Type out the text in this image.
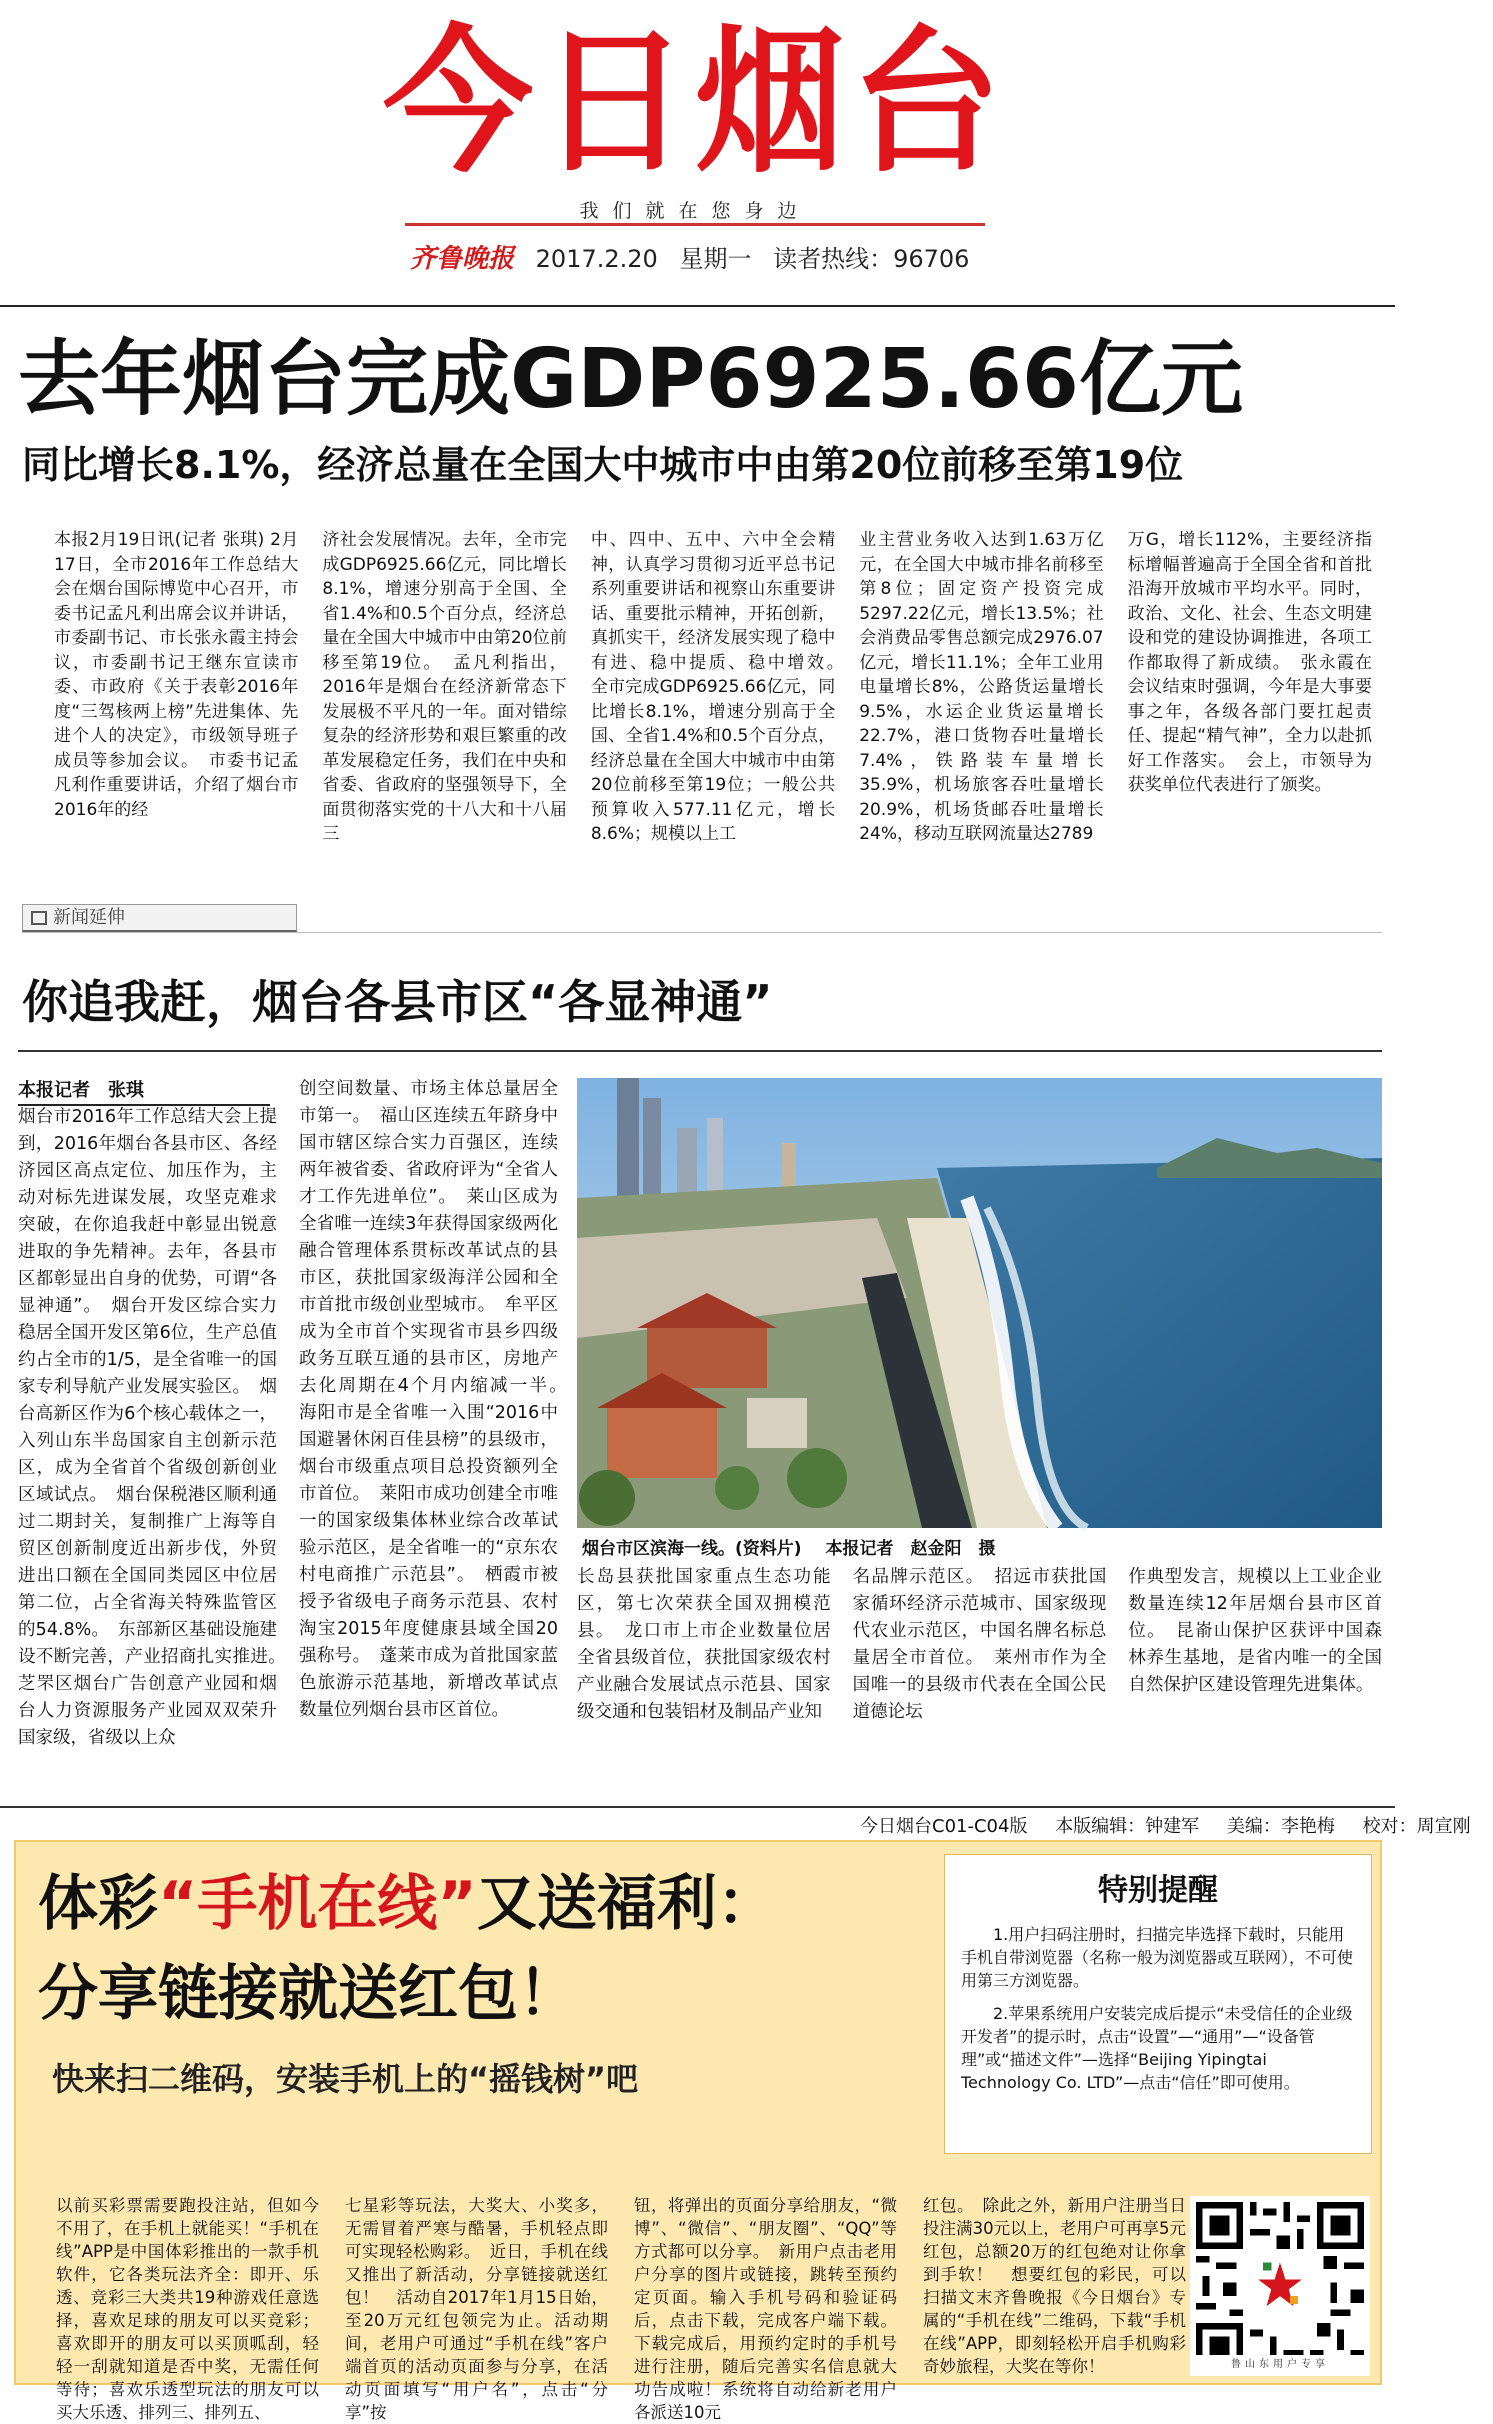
今日烟台
我们就在您身边
齐鲁晚报 2017.2.20 星期一 读者热线：96706
去年烟台完成GDP6925.66亿元
同比增长8.1%，经济总量在全国大中城市中由第20位前移至第19位
本报2月19日讯(记者 张琪) 2月17日，全市2016年工作总结大会在烟台国际博览中心召开，市委书记孟凡利出席会议并讲话，市委副书记、市长张永霞主持会议，市委副书记王继东宣读市委、市政府《关于表彰2016年度“三驾核两上榜”先进集体、先进个人的决定》，市级领导班子成员等参加会议。　市委书记孟凡利作重要讲话，介绍了烟台市2016年的经
济社会发展情况。去年，全市完成GDP6925.66亿元，同比增长8.1%，增速分别高于全国、全省1.4%和0.5个百分点，经济总量在全国大中城市中由第20位前移至第19位。　孟凡利指出，2016年是烟台在经济新常态下发展极不平凡的一年。面对错综复杂的经济形势和艰巨繁重的改革发展稳定任务，我们在中央和省委、省政府的坚强领导下，全面贯彻落实党的十八大和十八届三
中、四中、五中、六中全会精神，认真学习贯彻习近平总书记系列重要讲话和视察山东重要讲话、重要批示精神，开拓创新，真抓实干，经济发展实现了稳中有进、稳中提质、稳中增效。　全市完成GDP6925.66亿元，同比增长8.1%，增速分别高于全国、全省1.4%和0.5个百分点，经济总量在全国大中城市中由第20位前移至第19位；一般公共预算收入577.11亿元，增长8.6%；规模以上工
业主营业务收入达到1.63万亿元，在全国大中城市排名前移至第8位；固定资产投资完成5297.22亿元，增长13.5%；社会消费品零售总额完成2976.07亿元，增长11.1%；全年工业用电量增长8%，公路货运量增长9.5%，水运企业货运量增长22.7%，港口货物吞吐量增长7.4%，铁路装车量增长35.9%，机场旅客吞吐量增长20.9%，机场货邮吞吐量增长24%，移动互联网流量达2789
万G，增长112%，主要经济指标增幅普遍高于全国全省和首批沿海开放城市平均水平。同时，政治、文化、社会、生态文明建设和党的建设协调推进，各项工作都取得了新成绩。　张永霞在会议结束时强调，今年是大事要事之年，各级各部门要扛起责任、提起“精气神”，全力以赴抓好工作落实。　会上，市领导为获奖单位代表进行了颁奖。
新闻延伸
你追我赶，烟台各县市区“各显神通”
本报记者　张琪
烟台市2016年工作总结大会上提到，2016年烟台各县市区、各经济园区高点定位、加压作为，主动对标先进谋发展，攻坚克难求突破，在你追我赶中彰显出锐意进取的争先精神。去年，各县市区都彰显出自身的优势，可谓“各显神通”。　烟台开发区综合实力稳居全国开发区第6位，生产总值约占全市的1/5，是全省唯一的国家专利导航产业发展实验区。　烟台高新区作为6个核心载体之一，入列山东半岛国家自主创新示范区，成为全省首个省级创新创业区域试点。　烟台保税港区顺利通过二期封关，复制推广上海等自贸区创新制度近出新步伐，外贸进出口额在全国同类园区中位居第二位，占全省海关特殊监管区的54.8%。　东部新区基础设施建设不断完善，产业招商扎实推进。　芝罘区烟台广告创意产业园和烟台人力资源服务产业园双双荣升国家级，省级以上众
创空间数量、市场主体总量居全市第一。　福山区连续五年跻身中国市辖区综合实力百强区，连续两年被省委、省政府评为“全省人才工作先进单位”。　莱山区成为全省唯一连续3年获得国家级两化融合管理体系贯标改革试点的县市区，获批国家级海洋公园和全市首批市级创业型城市。　牟平区成为全市首个实现省市县乡四级政务互联互通的县市区，房地产去化周期在4个月内缩减一半。　海阳市是全省唯一入围“2016中国避暑休闲百佳县榜”的县级市，烟台市级重点项目总投资额列全市首位。　莱阳市成功创建全市唯一的国家级集体林业综合改革试验示范区，是全省唯一的“京东农村电商推广示范县”。　栖霞市被授予省级电子商务示范县、农村淘宝2015年度健康县域全国20强称号。　蓬莱市成为首批国家蓝色旅游示范基地，新增改革试点数量位列烟台县市区首位。
烟台市区滨海一线。(资料片) 本报记者　赵金阳　摄
长岛县获批国家重点生态功能区，第七次荣获全国双拥模范县。　龙口市上市企业数量位居全省县级首位，获批国家级农村产业融合发展试点示范县、国家级交通和包装铝材及制品产业知
名品牌示范区。　招远市获批国家循环经济示范城市、国家级现代农业示范区，中国名牌名标总量居全市首位。　莱州市作为全国唯一的县级市代表在全国公民道德论坛
作典型发言，规模以上工业企业数量连续12年居烟台县市区首位。　昆嵛山保护区获评中国森林养生基地，是省内唯一的全国自然保护区建设管理先进集体。
今日烟台C01-C04版 本版编辑：钟建军 美编：李艳梅 校对：周宣刚
体彩“手机在线”又送福利：
分享链接就送红包！
快来扫二维码，安装手机上的“摇钱树”吧
特别提醒

1.用户扫码注册时，扫描完毕选择下载时，只能用手机自带浏览器（名称一般为浏览器或互联网），不可使用第三方浏览器。

2.苹果系统用户安装完成后提示“未受信任的企业级开发者”的提示时，点击“设置”—“通用”—“设备管理”或“描述文件”—选择“Beijing Yipingtai Technology Co. LTD”—点击“信任”即可使用。

以前买彩票需要跑投注站，但如今不用了，在手机上就能买！“手机在线”APP是中国体彩推出的一款手机软件，它各类玩法齐全：即开、乐透、竞彩三大类共19种游戏任意选择，喜欢足球的朋友可以买竞彩；喜欢即开的朋友可以买顶呱刮，轻轻一刮就知道是否中奖，无需任何等待；喜欢乐透型玩法的朋友可以买大乐透、排列三、排列五、
七星彩等玩法，大奖大、小奖多，无需冒着严寒与酷暑，手机轻点即可实现轻松购彩。　近日，手机在线又推出了新活动，分享链接就送红包！　活动自2017年1月15日始，至20万元红包领完为止。活动期间，老用户可通过“手机在线”客户端首页的活动页面参与分享，在活动页面填写“用户名”，点击“分享”按
钮，将弹出的页面分享给朋友，“微博”、“微信”、“朋友圈”、“QQ”等方式都可以分享。　新用户点击老用户分享的图片或链接，跳转至预约定页面。输入手机号码和验证码后，点击下载，完成客户端下载。下载完成后，用预约定时的手机号进行注册，随后完善实名信息就大功告成啦！系统将自动给新老用户各派送10元
红包。　除此之外，新用户注册当日投注满30元以上，老用户可再享5元红包，总额20万的红包绝对让你拿到手软！　想要红包的彩民，可以扫描文末齐鲁晚报《今日烟台》专属的“手机在线”二维码，下载“手机在线”APP，即刻轻松开启手机购彩奇妙旅程，大奖在等你！	鲁山东用户专享
